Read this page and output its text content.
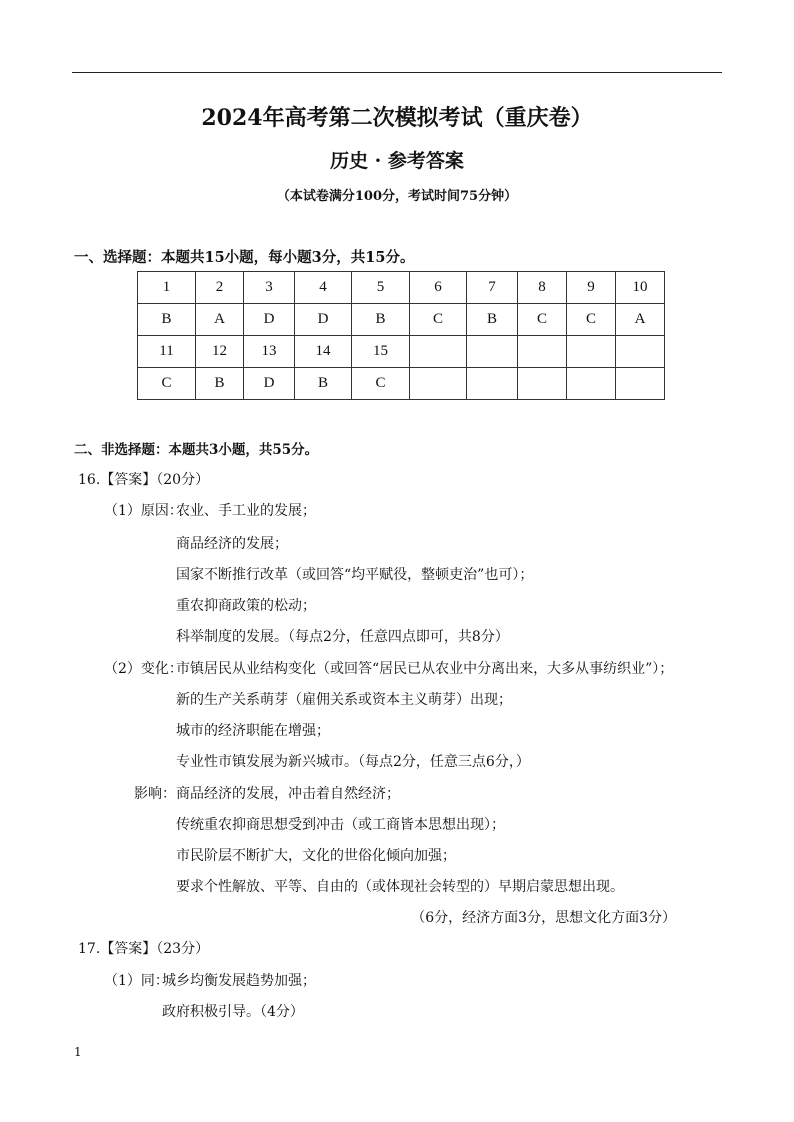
2024年高考第二次模拟考试（重庆卷）
历史 · 参考答案
（本试卷满分100分，考试时间75分钟）
一、选择题：本题共15小题，每小题3分，共15分。
1	2	3	4	5	6	7	8	9	10
B	A	D	D	B	C	B	C	C	A
11	12	13	14	15					
C	B	D	B	C					
二、非选择题：本题共3小题，共55分。
16.【答案】（20分）
（1）原因：
农业、手工业的发展；
商品经济的发展；
国家不断推行改革（或回答“均平赋役，整顿吏治”也可）；
重农抑商政策的松动；
科举制度的发展。（每点2分，任意四点即可，共8分）
（2）变化：
市镇居民从业结构变化（或回答“居民已从农业中分离出来，大多从事纺织业”）；
新的生产关系萌芽（雇佣关系或资本主义萌芽）出现；
城市的经济职能在增强；
专业性市镇发展为新兴城市。（每点2分，任意三点6分，）
影响： 商品经济的发展，冲击着自然经济；
传统重农抑商思想受到冲击（或工商皆本思想出现）；
市民阶层不断扩大，文化的世俗化倾向加强；
要求个性解放、平等、自由的（或体现社会转型的）早期启蒙思想出现。
（6分，经济方面3分，思想文化方面3分）
17.【答案】（23分）
（1）同：
城乡均衡发展趋势加强；
政府积极引导。（4分）
1
